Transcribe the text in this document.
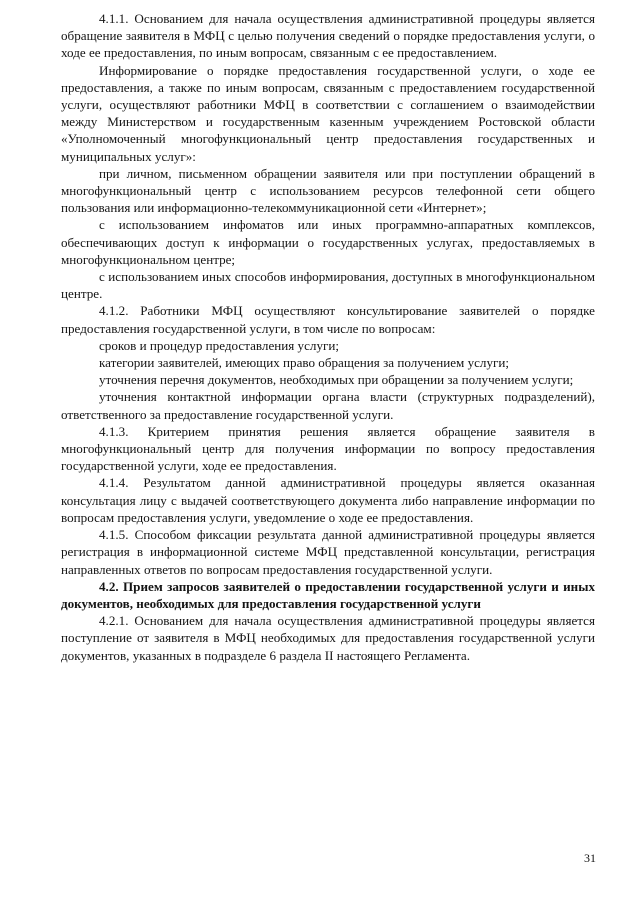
4.1.1. Основанием для начала осуществления административной процедуры является обращение заявителя в МФЦ с целью получения сведений о порядке предоставления услуги, о ходе ее предоставления, по иным вопросам, связанным с ее предоставлением.

Информирование о порядке предоставления государственной услуги, о ходе ее предоставления, а также по иным вопросам, связанным с предоставлением государственной услуги, осуществляют работники МФЦ в соответствии с соглашением о взаимодействии между Министерством и государственным казенным учреждением Ростовской области «Уполномоченный многофункциональный центр предоставления государственных и муниципальных услуг»:

при личном, письменном обращении заявителя или при поступлении обращений в многофункциональный центр с использованием ресурсов телефонной сети общего пользования или информационно-телекоммуникационной сети «Интернет»;

с использованием инфоматов или иных программно-аппаратных комплексов, обеспечивающих доступ к информации о государственных услугах, предоставляемых в многофункциональном центре;

с использованием иных способов информирования, доступных в многофункциональном центре.

4.1.2. Работники МФЦ осуществляют консультирование заявителей о порядке предоставления государственной услуги, в том числе по вопросам:

сроков и процедур предоставления услуги;

категории заявителей, имеющих право обращения за получением услуги;

уточнения перечня документов, необходимых при обращении за получением услуги;

уточнения контактной информации органа власти (структурных подразделений), ответственного за предоставление государственной услуги.

4.1.3. Критерием принятия решения является обращение заявителя в многофункциональный центр для получения информации по вопросу предоставления государственной услуги, ходе ее предоставления.

4.1.4. Результатом данной административной процедуры является оказанная консультация лицу с выдачей соответствующего документа либо направление информации по вопросам предоставления услуги, уведомление о ходе ее предоставления.

4.1.5. Способом фиксации результата данной административной процедуры является регистрация в информационной системе МФЦ представленной консультации, регистрация направленных ответов по вопросам предоставления государственной услуги.

4.2. Прием запросов заявителей о предоставлении государственной услуги и иных документов, необходимых для предоставления государственной услуги

4.2.1. Основанием для начала осуществления административной процедуры является поступление от заявителя в МФЦ необходимых для предоставления государственной услуги документов, указанных в подразделе 6 раздела II настоящего Регламента.

31
